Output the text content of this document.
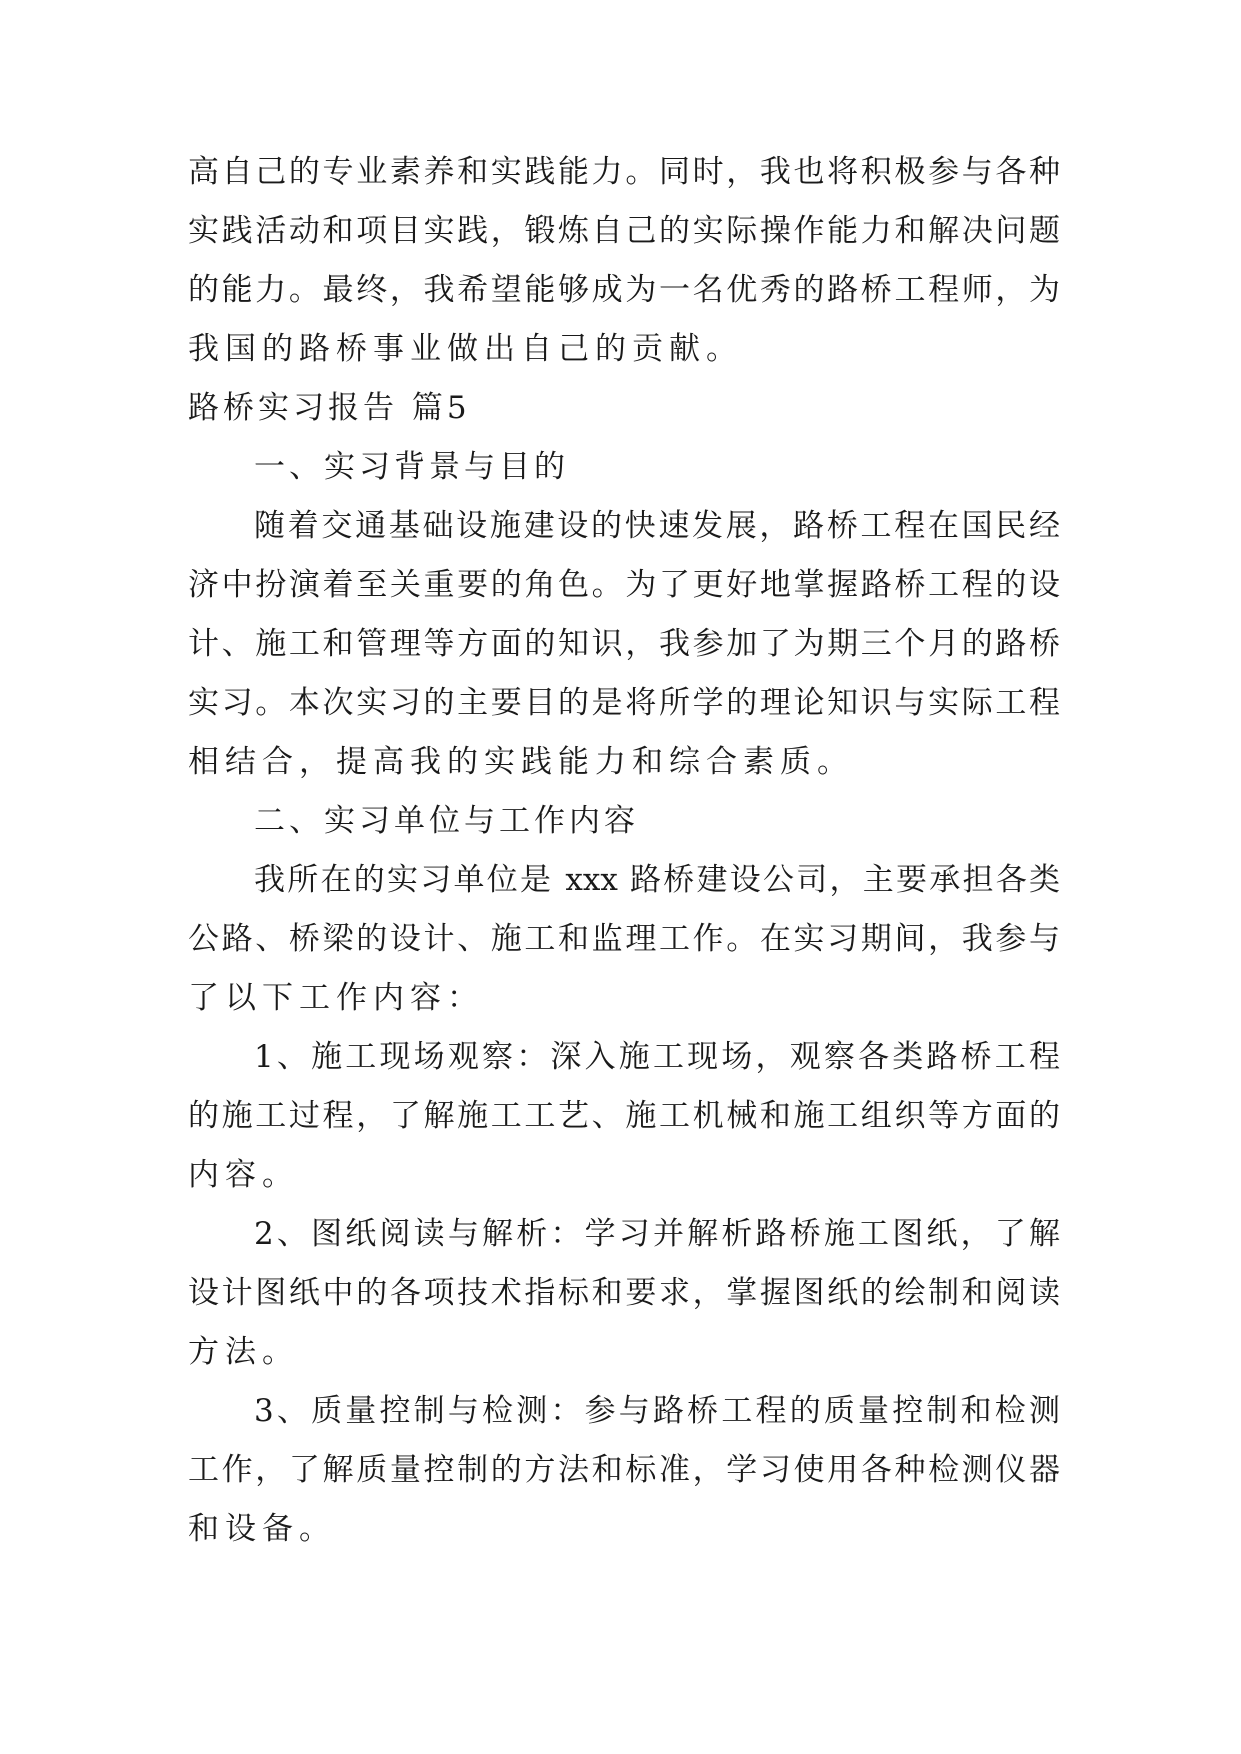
高自己的专业素养和实践能力。同时，我也将积极参与各种

实践活动和项目实践，锻炼自己的实际操作能力和解决问题

的能力。最终，我希望能够成为一名优秀的路桥工程师，为

我国的路桥事业做出自己的贡献。

路桥实习报告 篇5

一、实习背景与目的

随着交通基础设施建设的快速发展，路桥工程在国民经

济中扮演着至关重要的角色。为了更好地掌握路桥工程的设

计、施工和管理等方面的知识，我参加了为期三个月的路桥

实习。本次实习的主要目的是将所学的理论知识与实际工程

相结合，提高我的实践能力和综合素质。

二、实习单位与工作内容

我所在的实习单位是 xxx 路桥建设公司，主要承担各类

公路、桥梁的设计、施工和监理工作。在实习期间，我参与

了以下工作内容：

1、施工现场观察：深入施工现场，观察各类路桥工程

的施工过程，了解施工工艺、施工机械和施工组织等方面的

内容。

2、图纸阅读与解析：学习并解析路桥施工图纸，了解

设计图纸中的各项技术指标和要求，掌握图纸的绘制和阅读

方法。

3、质量控制与检测：参与路桥工程的质量控制和检测

工作，了解质量控制的方法和标准，学习使用各种检测仪器

和设备。
